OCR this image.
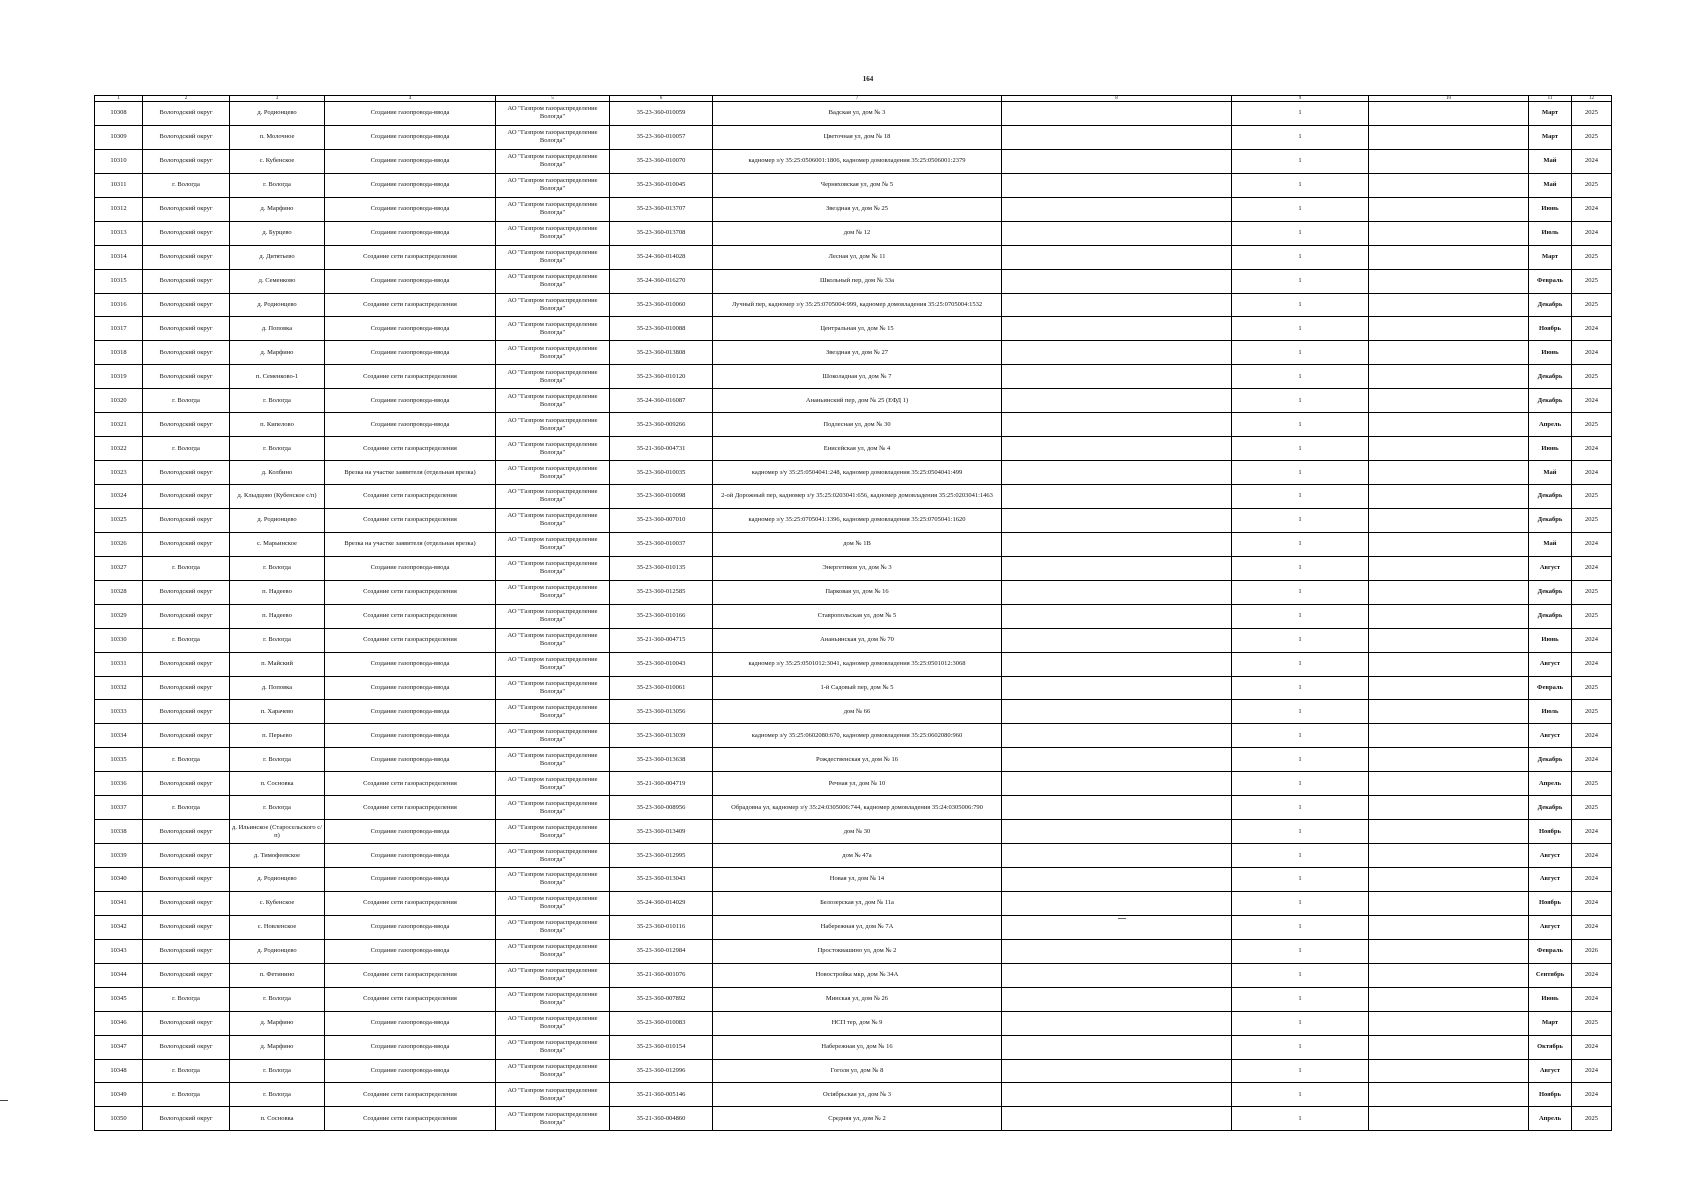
164
1	2	3	4	5	6	7	8	9	10	11	12
10308	Вологодский округ	д. Родионцево	Создание газопровода-ввода	АО "Газпром газораспределение Вологда"	35-23-360-010059	Вадская ул, дом № 3		1		Март	2025
10309	Вологодский округ	п. Молочное	Создание газопровода-ввода	АО "Газпром газораспределение Вологда"	35-23-360-010057	Цветочная ул, дом № 18		1		Март	2025
10310	Вологодский округ	с. Кубенское	Создание газопровода-ввода	АО "Газпром газораспределение Вологда"	35-23-360-010070	кадномер з/у 35:25:0506001:1806, кадномер домовладения 35:25:0506001:2379		1		Май	2024
10311	г. Вологда	г. Вологда	Создание газопровода-ввода	АО "Газпром газораспределение Вологда"	35-23-360-010045	Черняховская ул, дом № 5		1		Май	2025
10312	Вологодский округ	д. Марфино	Создание газопровода-ввода	АО "Газпром газораспределение Вологда"	35-23-360-013707	Звездная ул, дом № 25		1		Июнь	2024
10313	Вологодский округ	д. Бурцево	Создание газопровода-ввода	АО "Газпром газораспределение Вологда"	35-23-360-013708	дом № 12		1		Июль	2024
10314	Вологодский округ	д. Дитятьево	Создание сети газораспределения	АО "Газпром газораспределение Вологда"	35-24-360-014028	Лесная ул, дом № 11		1		Март	2025
10315	Вологодский округ	д. Семенково	Создание газопровода-ввода	АО "Газпром газораспределение Вологда"	35-24-360-016270	Школьный пер, дом № 33а		1		Февраль	2025
10316	Вологодский округ	д. Родионцево	Создание сети газораспределения	АО "Газпром газораспределение Вологда"	35-23-360-010060	Лучный пер, кадномер з/у 35:25:0705004:999, кадномер домовладения 35:25:0705004:1532		1		Декабрь	2025
10317	Вологодский округ	д. Поповка	Создание газопровода-ввода	АО "Газпром газораспределение Вологда"	35-23-360-010088	Центральная ул, дом № 15		1		Ноябрь	2024
10318	Вологодский округ	д. Марфино	Создание газопровода-ввода	АО "Газпром газораспределение Вологда"	35-23-360-013808	Звездная ул, дом № 27		1		Июнь	2024
10319	Вологодский округ	п. Семенково-1	Создание сети газораспределения	АО "Газпром газораспределение Вологда"	35-23-360-010120	Шоколадная ул, дом № 7		1		Декабрь	2025
10320	г. Вологда	г. Вологда	Создание газопровода-ввода	АО "Газпром газораспределение Вологда"	35-24-360-016087	Ананьинский пер, дом № 25 (ЕФД 1)		1		Декабрь	2024
10321	Вологодский округ	п. Кипелово	Создание газопровода-ввода	АО "Газпром газораспределение Вологда"	35-23-360-009266	Подлесная ул, дом № 30		1		Апрель	2025
10322	г. Вологда	г. Вологда	Создание сети газораспределения	АО "Газпром газораспределение Вологда"	35-21-360-004731	Енисейская ул, дом № 4		1		Июнь	2024
10323	Вологодский округ	д. Колбино	Врезка на участке заявителя (отдельная врезка)	АО "Газпром газораспределение Вологда"	35-23-360-010035	кадномер з/у 35:25:0504041:248, кадномер домовладения 35:25:0504041:499		1		Май	2024
10324	Вологодский округ	д. Клыдцово (Кубенское с/п)	Создание сети газораспределения	АО "Газпром газораспределение Вологда"	35-23-360-010098	2-ой Дорожный пер, кадномер з/у 35:25:0203041:656, кадномер домовладения 35:25:0203041:1463		1		Декабрь	2025
10325	Вологодский округ	д. Родионцево	Создание сети газораспределения	АО "Газпром газораспределение Вологда"	35-23-360-007010	кадномер з/у 35:25:0705041:1396, кадномер домовладения 35:25:0705041:1620		1		Декабрь	2025
10326	Вологодский округ	с. Марьинское	Врезка на участке заявителя (отдельная врезка)	АО "Газпром газораспределение Вологда"	35-23-360-010037	дом № 1В		1		Май	2024
10327	г. Вологда	г. Вологда	Создание газопровода-ввода	АО "Газпром газораспределение Вологда"	35-23-360-010135	Энергетиков ул, дом № 3		1		Август	2024
10328	Вологодский округ	п. Надеево	Создание сети газораспределения	АО "Газпром газораспределение Вологда"	35-23-360-012585	Парковая ул, дом № 16		1		Декабрь	2025
10329	Вологодский округ	п. Надеево	Создание сети газораспределения	АО "Газпром газораспределение Вологда"	35-23-360-010166	Ставропольская ул, дом № 5		1		Декабрь	2025
10330	г. Вологда	г. Вологда	Создание сети газораспределения	АО "Газпром газораспределение Вологда"	35-21-360-004715	Ананьинская ул, дом № 70		1		Июнь	2024
10331	Вологодский округ	п. Майский	Создание газопровода-ввода	АО "Газпром газораспределение Вологда"	35-23-360-010043	кадномер з/у 35:25:0501012:3041, кадномер домовладения 35:25:0501012:3068		1		Август	2024
10332	Вологодский округ	д. Поповка	Создание газопровода-ввода	АО "Газпром газораспределение Вологда"	35-23-360-010061	1-й Садовый пер, дом № 5		1		Февраль	2025
10333	Вологодский округ	п. Харачево	Создание газопровода-ввода	АО "Газпром газораспределение Вологда"	35-23-360-013056	дом № 66		1		Июль	2025
10334	Вологодский округ	п. Перьево	Создание газопровода-ввода	АО "Газпром газораспределение Вологда"	35-23-360-013039	кадномер з/у 35:25:0602080:670, кадномер домовладения 35:25:0602080:960		1		Август	2024
10335	г. Вологда	г. Вологда	Создание газопровода-ввода	АО "Газпром газораспределение Вологда"	35-23-360-013638	Рождественская ул, дом № 16		1		Декабрь	2024
10336	Вологодский округ	п. Сосновка	Создание сети газораспределения	АО "Газпром газораспределение Вологда"	35-21-360-004719	Речная ул, дом № 10		1		Апрель	2025
10337	г. Вологда	г. Вологда	Создание сети газораспределения	АО "Газпром газораспределение Вологда"	35-23-360-008956	Обрадовна ул, кадномер з/у 35:24:0305006:744, кадномер домовладения 35:24:0305006:790		1		Декабрь	2025
10338	Вологодский округ	д. Ильинское (Старосельского с/п)	Создание газопровода-ввода	АО "Газпром газораспределение Вологда"	35-23-360-013409	дом № 30		1		Ноябрь	2024
10339	Вологодский округ	д. Тимофеевское	Создание газопровода-ввода	АО "Газпром газораспределение Вологда"	35-23-360-012995	дом № 47а		1		Август	2024
10340	Вологодский округ	д. Родионцево	Создание газопровода-ввода	АО "Газпром газораспределение Вологда"	35-23-360-013043	Новая ул, дом № 14		1		Август	2024
10341	Вологодский округ	с. Кубенское	Создание сети газораспределения	АО "Газпром газораспределение Вологда"	35-24-360-014029	Белозерская ул, дом № 11а		1		Ноябрь	2024
10342	Вологодский округ	с. Новленское	Создание газопровода-ввода	АО "Газпром газораспределение Вологда"	35-23-360-010116	Набережная ул, дом № 7А		1		Август	2024
10343	Вологодский округ	д. Родионцево	Создание газопровода-ввода	АО "Газпром газораспределение Вологда"	35-23-360-012984	Простоквашино ул, дом № 2		1		Февраль	2026
10344	Вологодский округ	п. Фетинино	Создание сети газораспределения	АО "Газпром газораспределение Вологда"	35-21-360-001076	Новостройка мкр, дом № 34А		1		Сентябрь	2024
10345	г. Вологда	г. Вологда	Создание сети газораспределения	АО "Газпром газораспределение Вологда"	35-23-360-007892	Минская ул, дом № 26		1		Июнь	2024
10346	Вологодский округ	д. Марфино	Создание газопровода-ввода	АО "Газпром газораспределение Вологда"	35-23-360-010083	НСП тер, дом № 9		1		Март	2025
10347	Вологодский округ	д. Марфино	Создание газопровода-ввода	АО "Газпром газораспределение Вологда"	35-23-360-010154	Набережная ул, дом № 16		1		Октябрь	2024
10348	г. Вологда	г. Вологда	Создание газопровода-ввода	АО "Газпром газораспределение Вологда"	35-23-360-012996	Гоголя ул, дом № 8		1		Август	2024
10349	г. Вологда	г. Вологда	Создание сети газораспределения	АО "Газпром газораспределение Вологда"	35-21-360-005146	Octябрьская ул, дом № 3		1		Ноябрь	2024
10350	Вологодский округ	п. Сосновка	Создание сети газораспределения	АО "Газпром газораспределение Вологда"	35-21-360-004860	Средняя ул, дом № 2		1		Апрель	2025
